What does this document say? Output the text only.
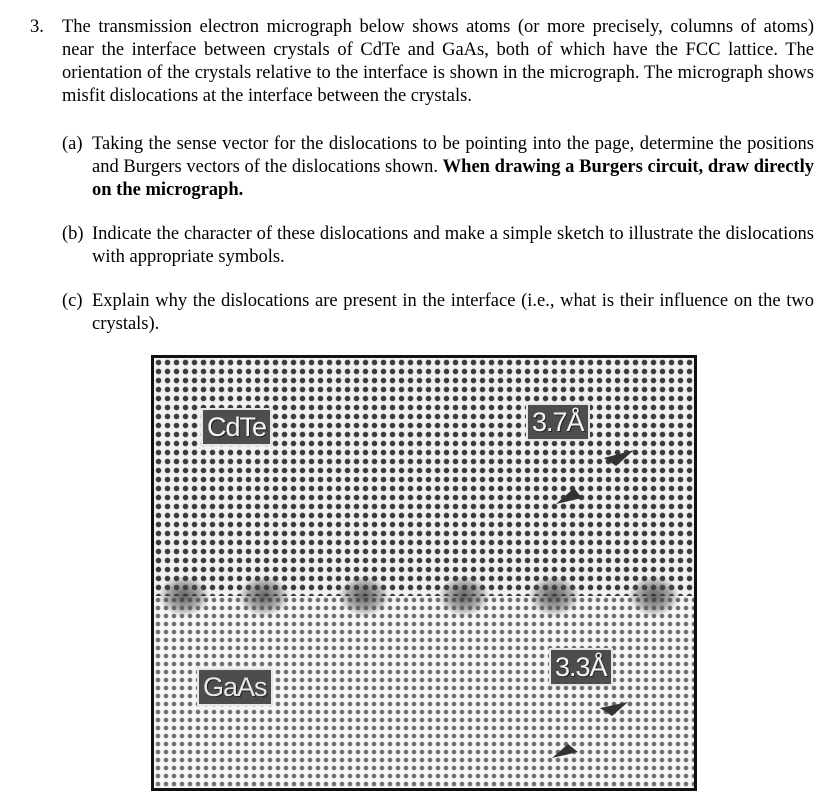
3. The transmission electron micrograph below shows atoms (or more precisely, columns of atoms) near the interface between crystals of CdTe and GaAs, both of which have the FCC lattice. The orientation of the crystals relative to the interface is shown in the micrograph. The micrograph shows misfit dislocations at the interface between the crystals.
(a) Taking the sense vector for the dislocations to be pointing into the page, determine the positions and Burgers vectors of the dislocations shown. When drawing a Burgers circuit, draw directly on the micrograph.
(b) Indicate the character of these dislocations and make a simple sketch to illustrate the dislocations with appropriate symbols.
(c) Explain why the dislocations are present in the interface (i.e., what is their influence on the two crystals).
CdTe
GaAs
3.7Å
3.3Å
